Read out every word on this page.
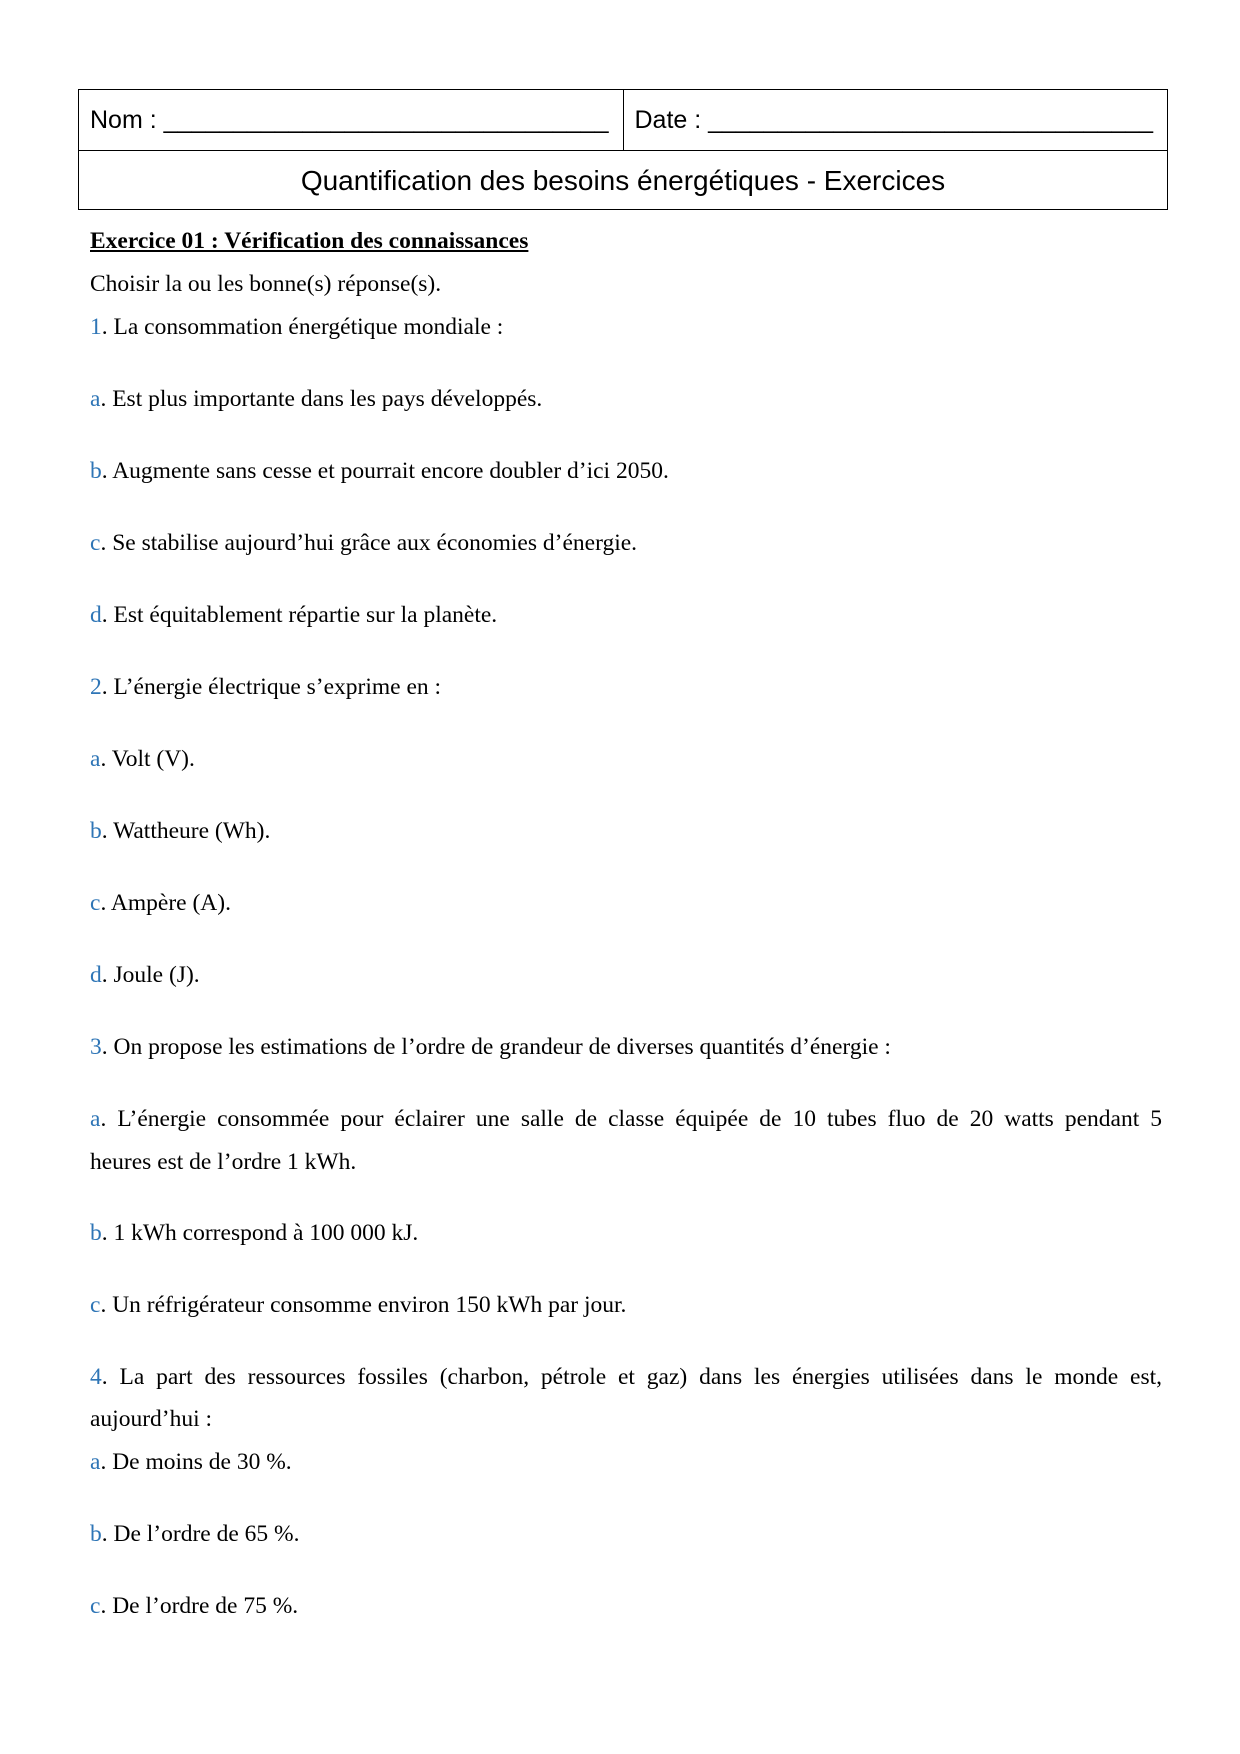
Nom : ________________________________	Date : ________________________________
Quantification des besoins énergétiques - Exercices
Exercice 01 : Vérification des connaissances
Choisir la ou les bonne(s) réponse(s).
1. La consommation énergétique mondiale :
a. Est plus importante dans les pays développés.
b. Augmente sans cesse et pourrait encore doubler d’ici 2050.
c. Se stabilise aujourd’hui grâce aux économies d’énergie.
d. Est équitablement répartie sur la planète.
2. L’énergie électrique s’exprime en :
a. Volt (V).
b. Wattheure (Wh).
c. Ampère (A).
d. Joule (J).
3. On propose les estimations de l’ordre de grandeur de diverses quantités d’énergie :
a. L’énergie consommée pour éclairer une salle de classe équipée de 10 tubes fluo de 20 watts pendant 5
heures est de l’ordre 1 kWh.
b. 1 kWh correspond à 100 000 kJ.
c. Un réfrigérateur consomme environ 150 kWh par jour.
4. La part des ressources fossiles (charbon, pétrole et gaz) dans les énergies utilisées dans le monde est,
aujourd’hui :
a. De moins de 30 %.
b. De l’ordre de 65 %.
c. De l’ordre de 75 %.
